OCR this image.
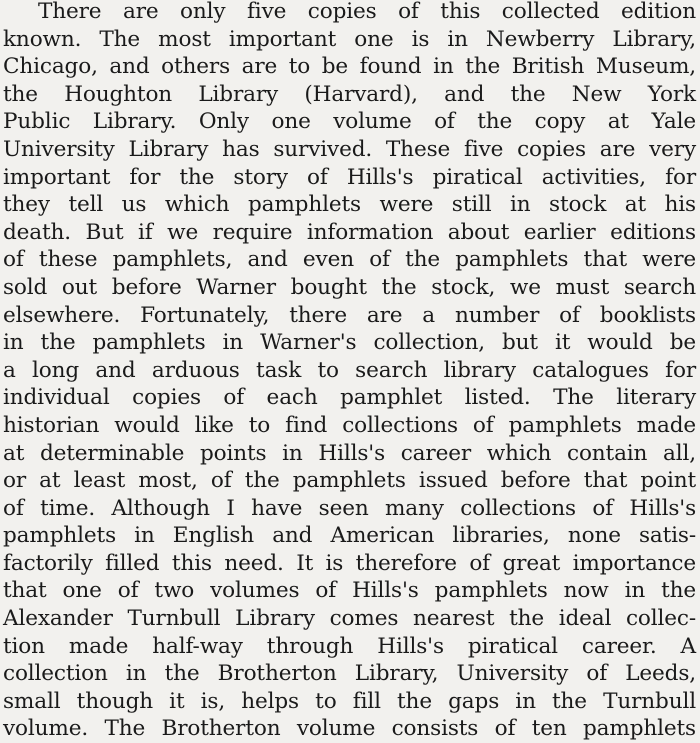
There are only five copies of this collected edition
known. The most important one is in Newberry Library,
Chicago, and others are to be found in the British Museum,
the Houghton Library (Harvard), and the New York
Public Library. Only one volume of the copy at Yale
University Library has survived. These five copies are very
important for the story of Hills's piratical activities, for
they tell us which pamphlets were still in stock at his
death. But if we require information about earlier editions
of these pamphlets, and even of the pamphlets that were
sold out before Warner bought the stock, we must search
elsewhere. Fortunately, there are a number of booklists
in the pamphlets in Warner's collection, but it would be
a long and arduous task to search library catalogues for
individual copies of each pamphlet listed. The literary
historian would like to find collections of pamphlets made
at determinable points in Hills's career which contain all,
or at least most, of the pamphlets issued before that point
of time. Although I have seen many collections of Hills's
pamphlets in English and American libraries, none satis-
factorily filled this need. It is therefore of great importance
that one of two volumes of Hills's pamphlets now in the
Alexander Turnbull Library comes nearest the ideal collec-
tion made half-way through Hills's piratical career. A
collection in the Brotherton Library, University of Leeds,
small though it is, helps to fill the gaps in the Turnbull
volume. The Brotherton volume consists of ten pamphlets
